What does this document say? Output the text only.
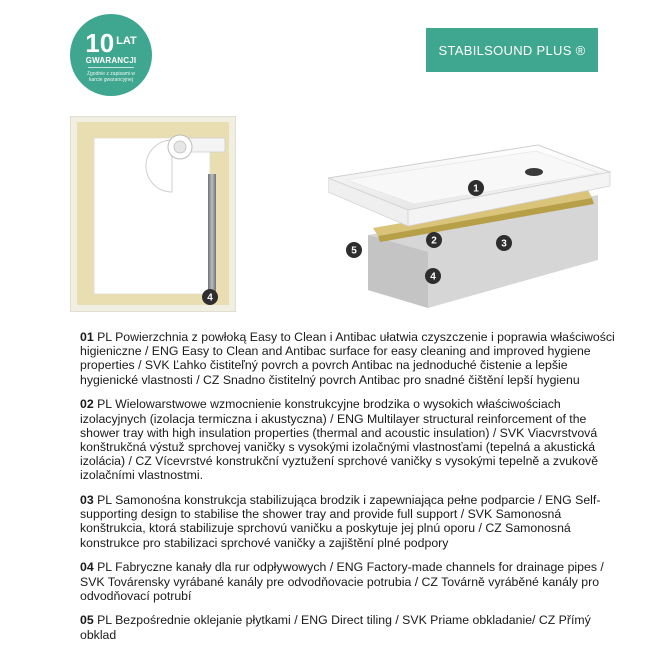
10 $^{LAT}$
GWARANCJI
Zgodnie z zapisami w karcie gwarancyjnej
STABILSOUND PLUS ®
4
1
2	3
4
5

01 PL Powierzchnia z powłoką Easy to Clean i Antibac ułatwia czyszczenie i poprawia właściwości higieniczne / ENG Easy to Clean and Antibac surface for easy cleaning and improved hygiene properties / SVK Ľahko čistiteľný povrch a povrch Antibac na jednoduché čistenie a lepšie hygienické vlastnosti / CZ Snadno čistitelný povrch Antibac pro snadné čištění lepší hygienu

02 PL Wielowarstwowe wzmocnienie konstrukcyjne brodzika o wysokich właściwościach izolacyjnych (izolacja termiczna i akustyczna) / ENG Multilayer structural reinforcement of the shower tray with high insulation properties (thermal and acoustic insulation) / SVK Viacvrstvová konštrukčná výstuž sprchovej vaničky s vysokými izolačnými vlastnosťami (tepelná a akustická izolácia) / CZ Vícevrstvé konstrukční vyztužení sprchové vaničky s vysokými tepelně a zvukově izolačními vlastnostmi.

03 PL Samonośna konstrukcja stabilizująca brodzik i zapewniająca pełne podparcie / ENG Self-supporting design to stabilise the shower tray and provide full support / SVK Samonosná konštrukcia, ktorá stabilizuje sprchovú vaničku a poskytuje jej plnú oporu / CZ Samonosná konstrukce pro stabilizaci sprchové vaničky a zajištění plné podpory

04 PL Fabryczne kanały dla rur odpływowych / ENG Factory-made channels for drainage pipes / SVK Továrensky vyrábané kanály pre odvodňovacie potrubia / CZ Továrně vyráběné kanály pro odvodňovací potrubí

05 PL Bezpośrednie oklejanie płytkami / ENG Direct tiling / SVK Priame obkladanie/ CZ Přímý obklad
